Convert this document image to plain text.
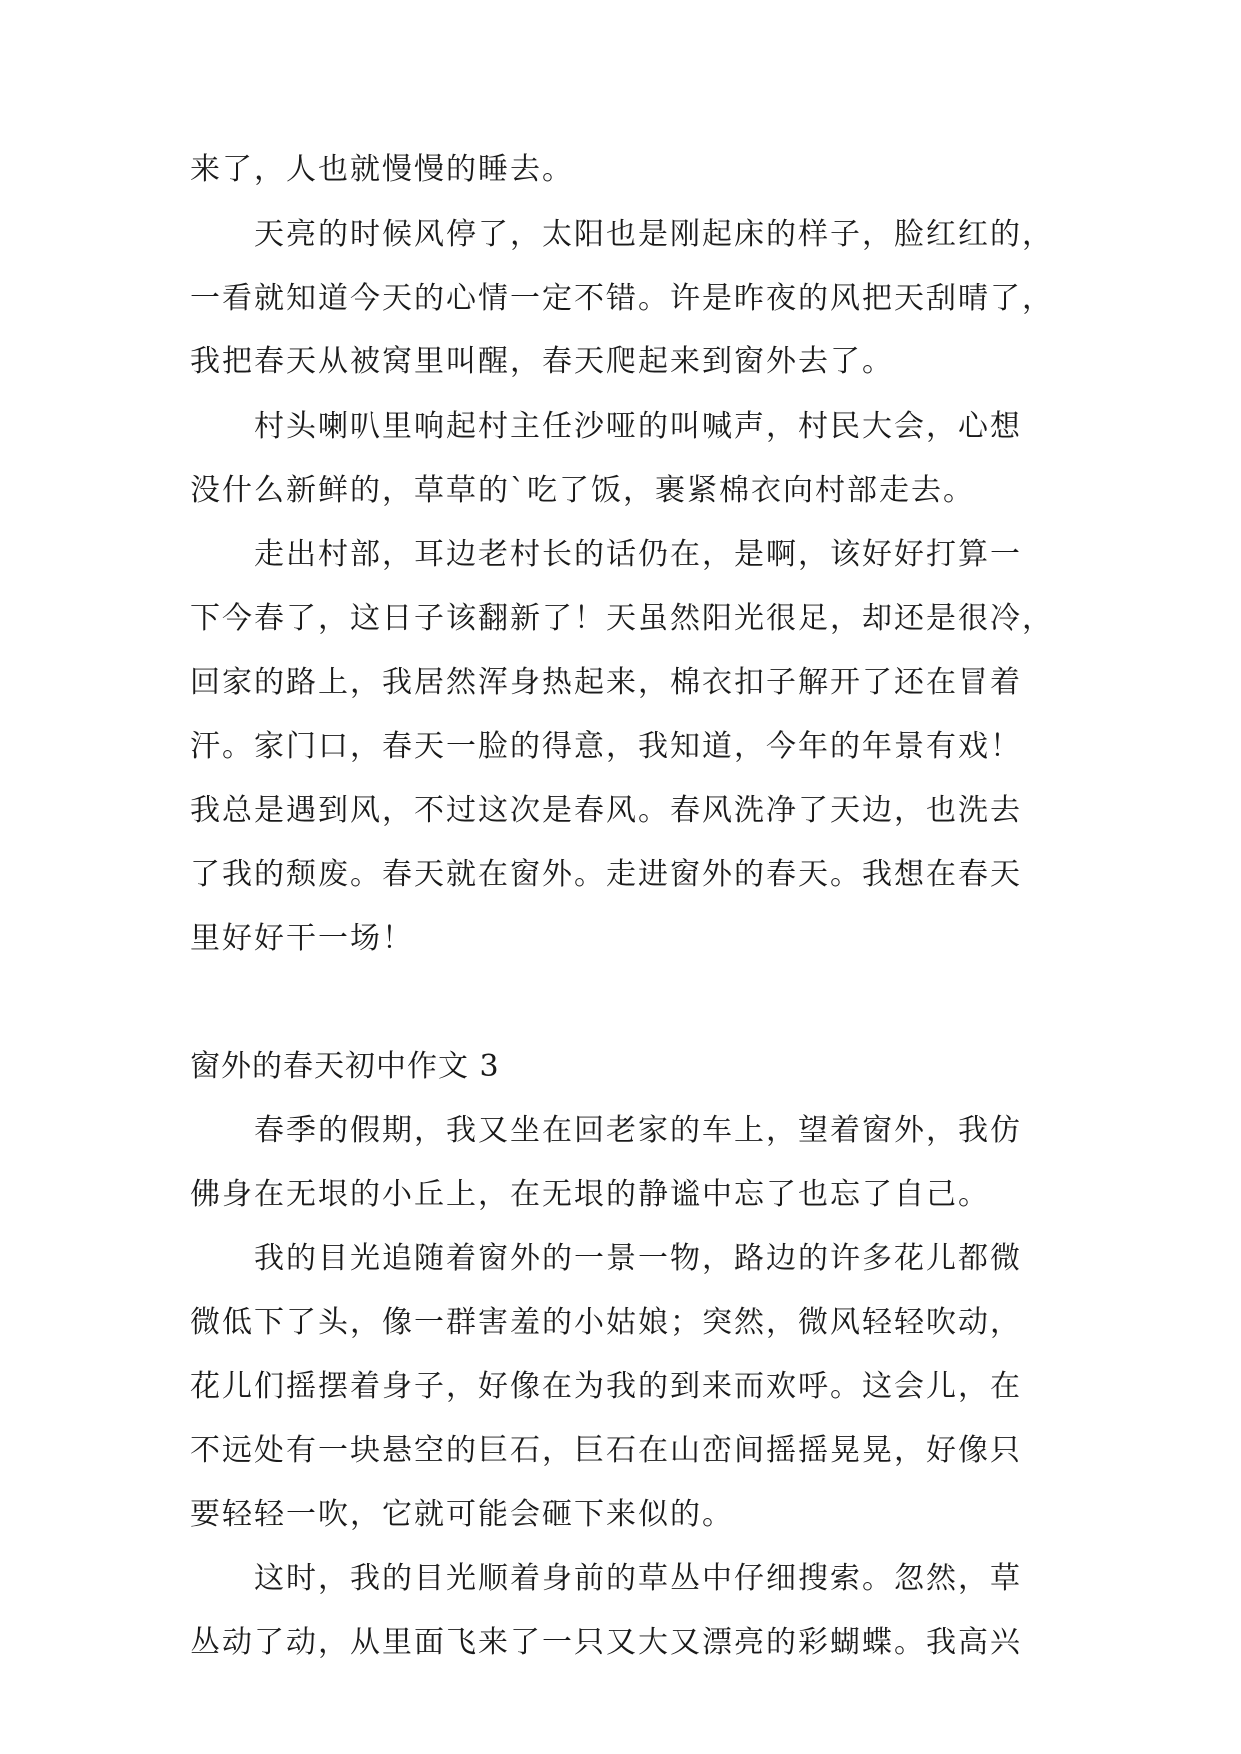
来了，人也就慢慢的睡去。
天亮的时候风停了，太阳也是刚起床的样子，脸红红的，
一看就知道今天的心情一定不错。许是昨夜的风把天刮晴了，
我把春天从被窝里叫醒，春天爬起来到窗外去了。
村头喇叭里响起村主任沙哑的叫喊声，村民大会，心想
没什么新鲜的，草草的`吃了饭，裹紧棉衣向村部走去。
走出村部，耳边老村长的话仍在，是啊，该好好打算一
下今春了，这日子该翻新了！天虽然阳光很足，却还是很冷，
回家的路上，我居然浑身热起来，棉衣扣子解开了还在冒着
汗。家门口，春天一脸的得意，我知道，今年的年景有戏！
我总是遇到风，不过这次是春风。春风洗净了天边，也洗去
了我的颓废。春天就在窗外。走进窗外的春天。我想在春天
里好好干一场！
窗外的春天初中作文 3
春季的假期，我又坐在回老家的车上，望着窗外，我仿
佛身在无垠的小丘上，在无垠的静谧中忘了也忘了自己。
我的目光追随着窗外的一景一物，路边的许多花儿都微
微低下了头，像一群害羞的小姑娘；突然，微风轻轻吹动，
花儿们摇摆着身子，好像在为我的到来而欢呼。这会儿，在
不远处有一块悬空的巨石，巨石在山峦间摇摇晃晃，好像只
要轻轻一吹，它就可能会砸下来似的。
这时，我的目光顺着身前的草丛中仔细搜索。忽然，草
丛动了动，从里面飞来了一只又大又漂亮的彩蝴蝶。我高兴
